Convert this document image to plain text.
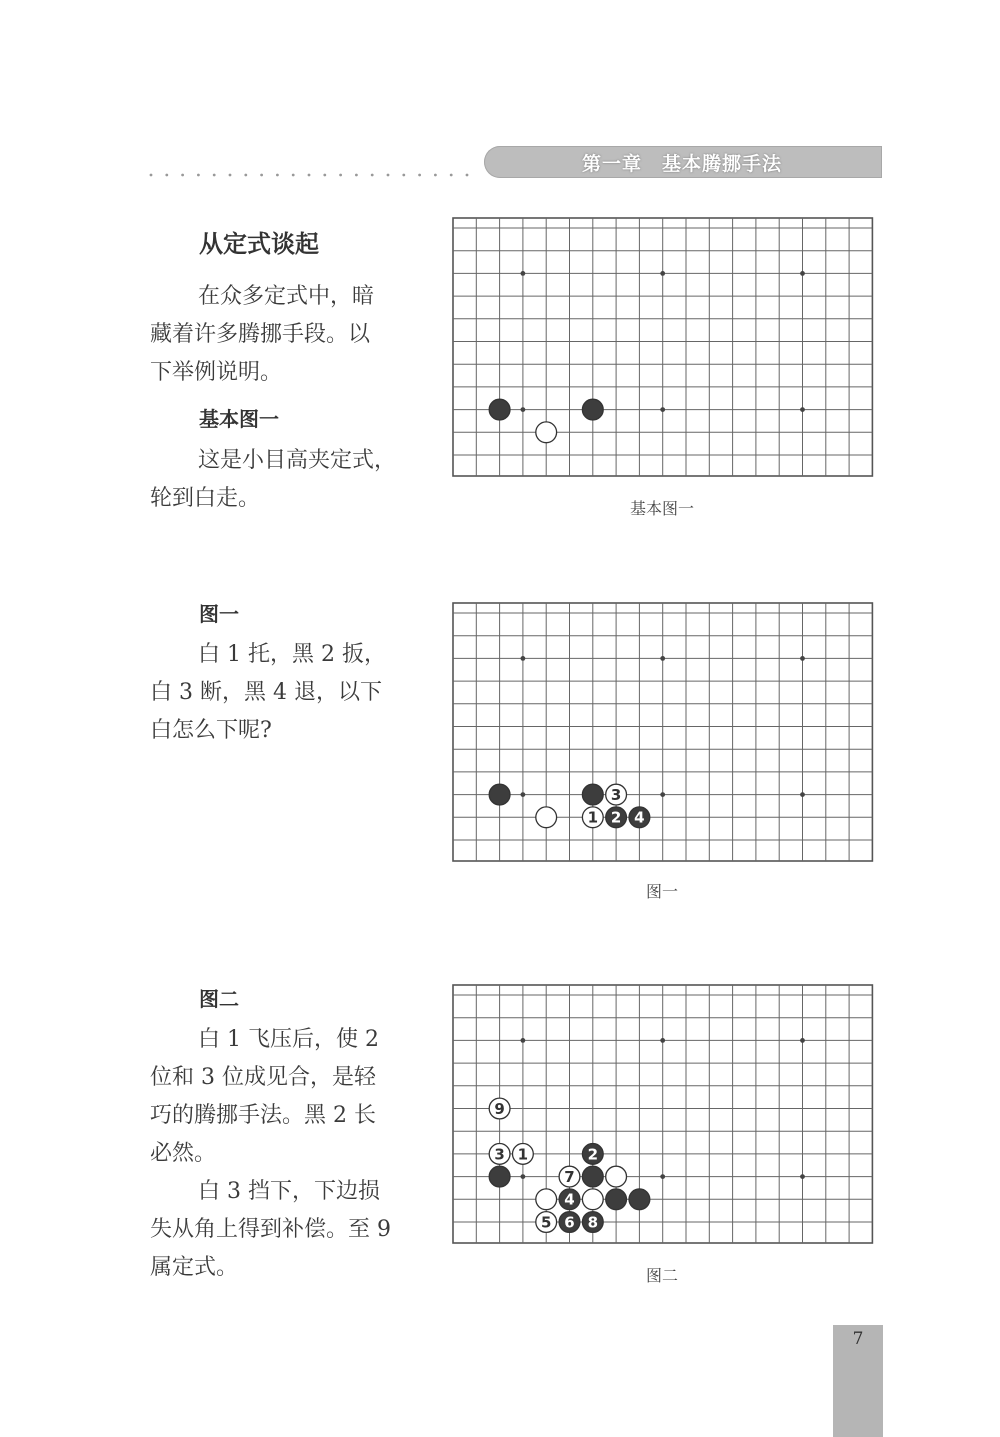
第一章　基本腾挪手法
从定式谈起
在众多定式中，暗
藏着许多腾挪手段。以
下举例说明。
基本图一
这是小目高夹定式，
轮到白走。	基本图一
图一
白 1 托，黑 2 扳，
白 3 断，黑 4 退，以下
白怎么下呢?
3
1 2 4
图一
图二
白 1 飞压后，使 2
位和 3 位成见合，是轻
巧的腾挪手法。黑 2 长
必然。
白 3 挡下，下边损
失从角上得到补偿。至 9
属定式。
9
3 1	2
7
4
5 6 8
图二
7
